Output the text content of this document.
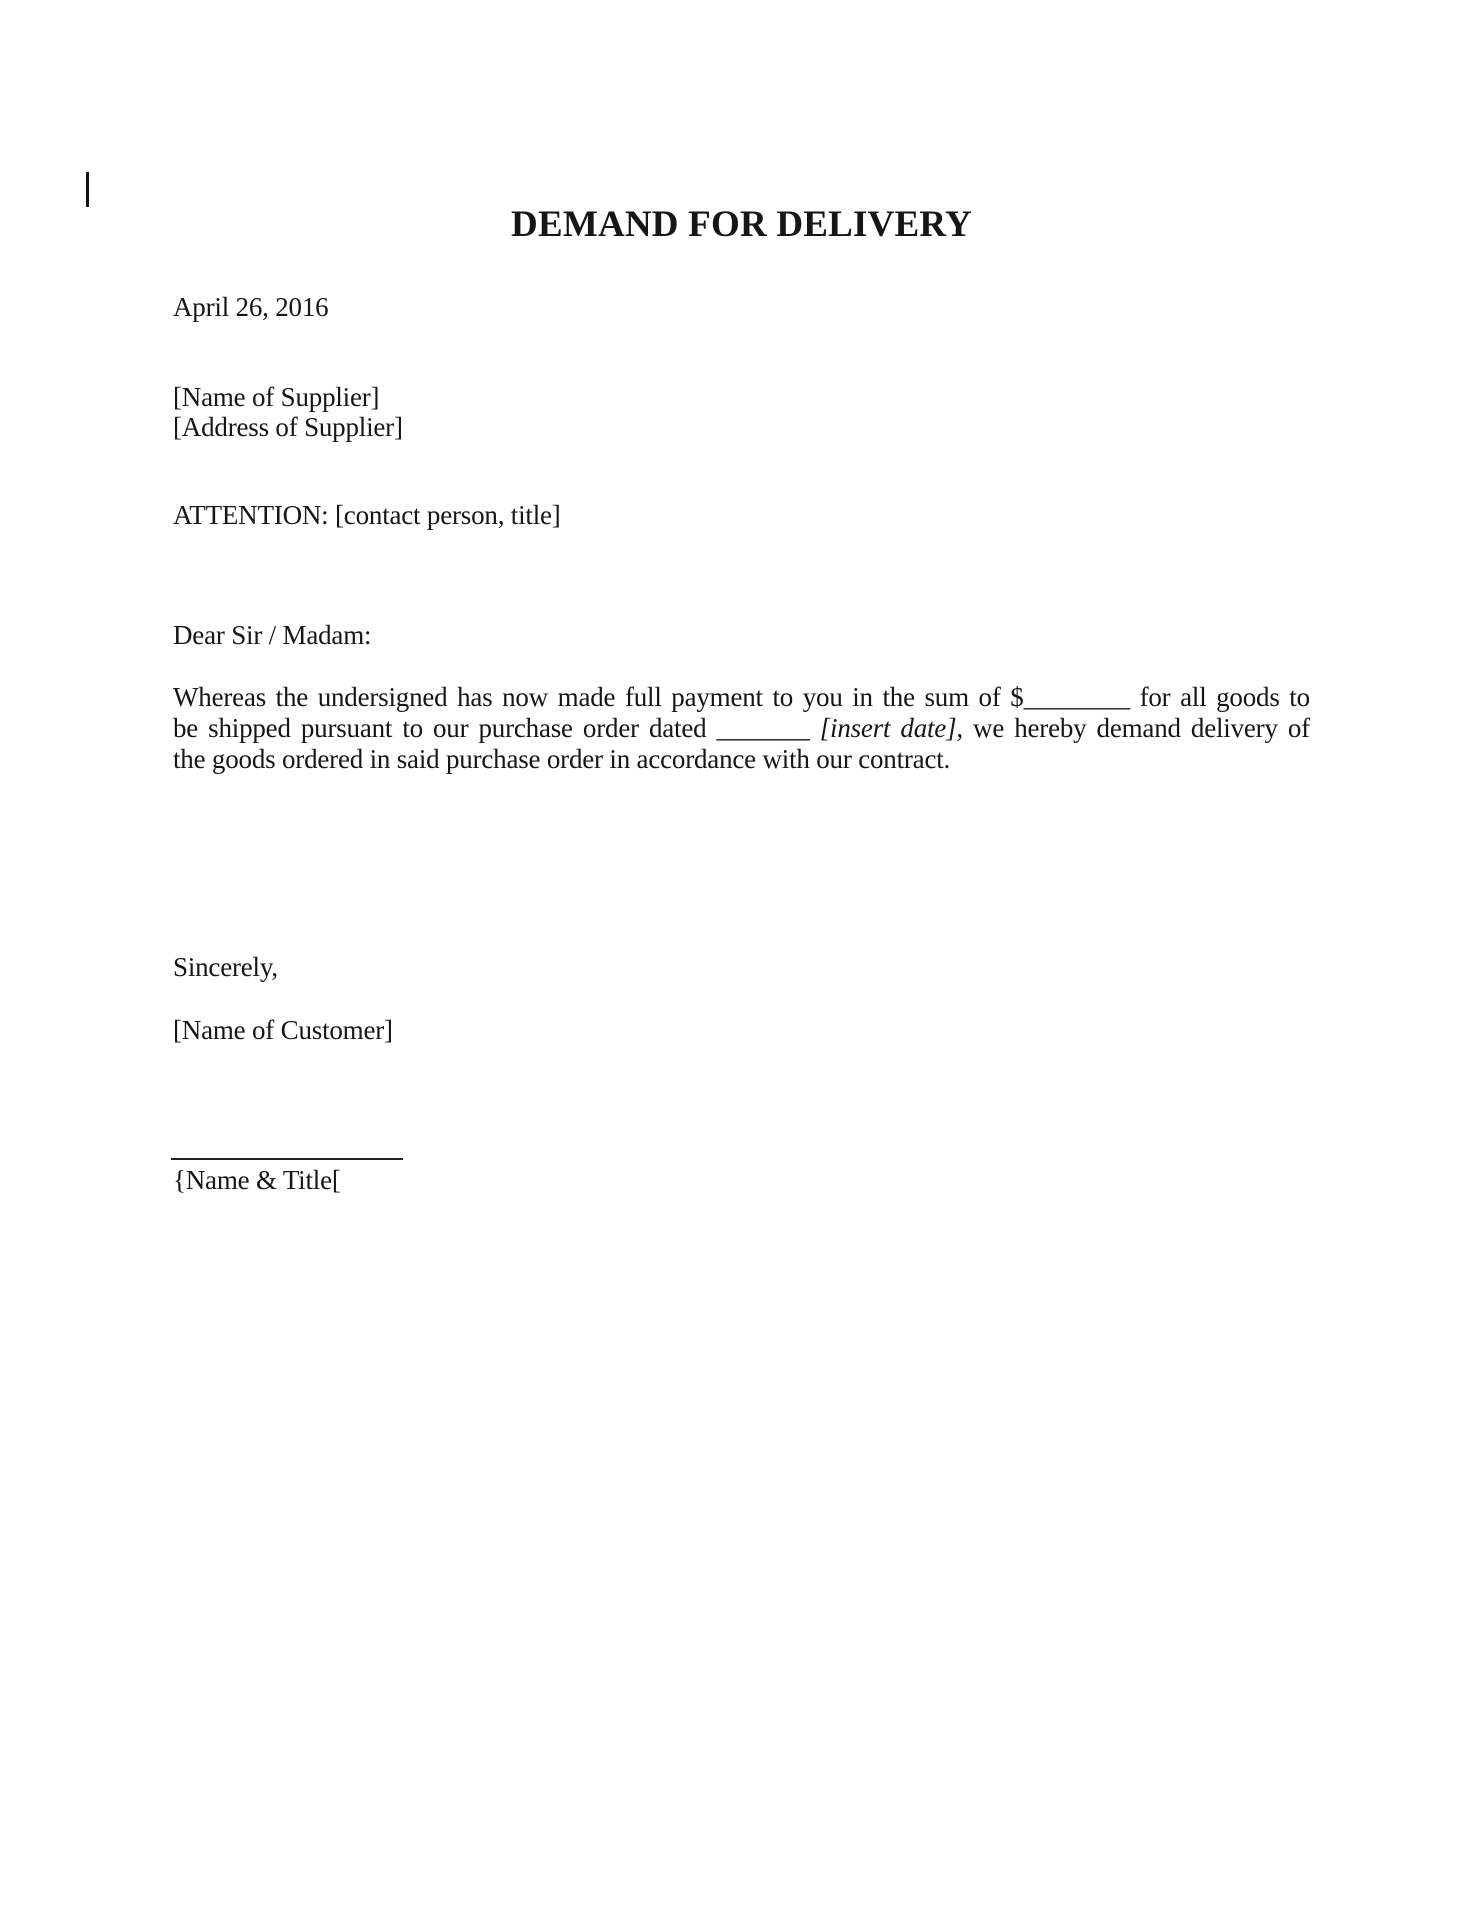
DEMAND FOR DELIVERY
April 26, 2016
[Name of Supplier]
[Address of Supplier]
ATTENTION: [contact person, title]
Dear Sir / Madam:
Whereas the undersigned has now made full payment to you in the sum of $________ for all goods to
be shipped pursuant to our purchase order dated _______ [insert date], we hereby demand delivery of
the goods ordered in said purchase order in accordance with our contract.
Sincerely,
[Name of Customer]
{Name & Title[
